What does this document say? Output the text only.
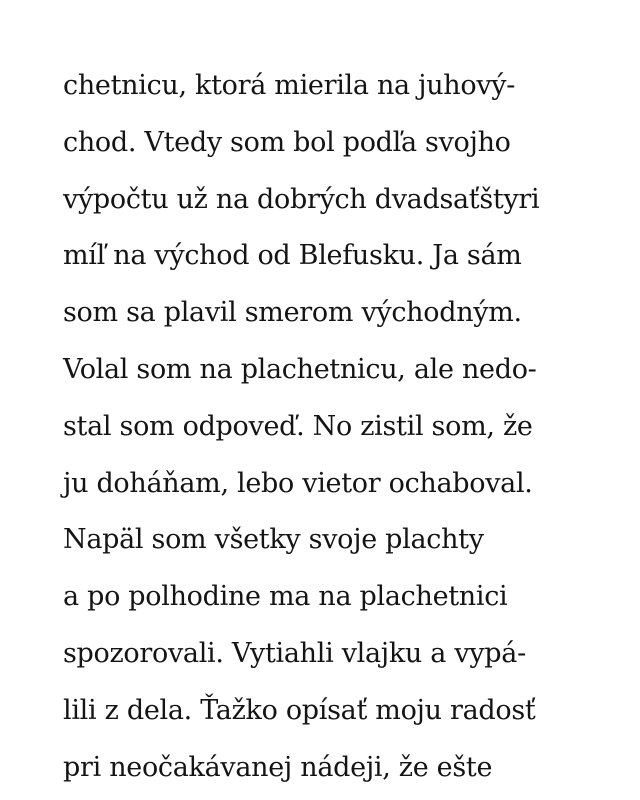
chetnicu, ktorá mierila na juhový-
chod. Vtedy som bol podľa svojho
výpočtu už na dobrých dvadsaťštyri
míľ na východ od Blefusku. Ja sám
som sa plavil smerom východným.
Volal som na plachetnicu, ale nedo-
stal som odpoveď. No zistil som, že
ju doháňam, lebo vietor ochaboval.
Napäl som všetky svoje plachty
a po polhodine ma na plachetnici
spozorovali. Vytiahli vlajku a vypá-
lili z dela. Ťažko opísať moju radosť
pri neočakávanej nádeji, že ešte
